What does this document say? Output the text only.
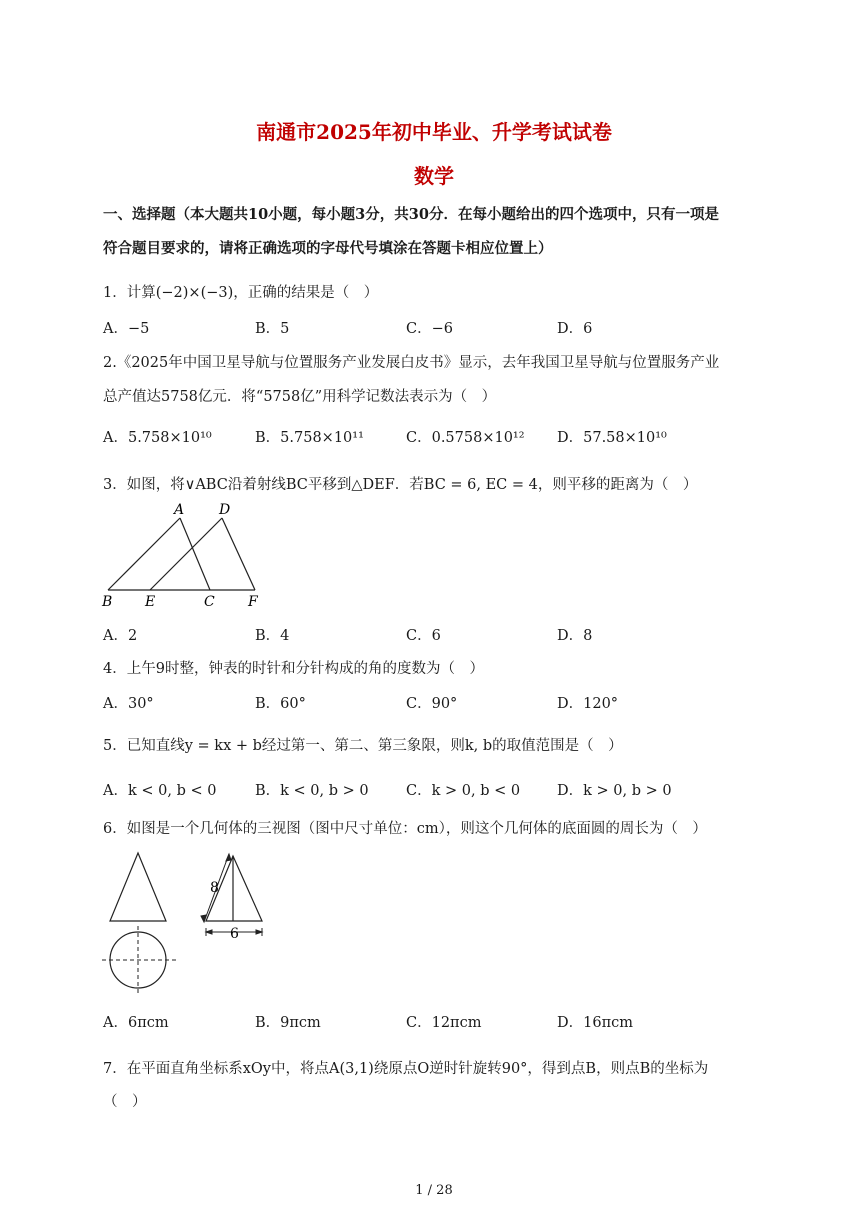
南通市2025年初中毕业、升学考试试卷
数学
一、选择题（本大题共10小题，每小题3分，共30分．在每小题给出的四个选项中，只有一项是
符合题目要求的，请将正确选项的字母代号填涂在答题卡相应位置上）
1．计算(−2)×(−3)，正确的结果是（　）
A．−5	B．5	C．−6	D．6
2.《2025年中国卫星导航与位置服务产业发展白皮书》显示，去年我国卫星导航与位置服务产业
总产值达5758亿元．将“5758亿”用科学记数法表示为（　）
A．5.758×10¹⁰	B．5.758×10¹¹	C．0.5758×10¹² D．57.58×10¹⁰
3．如图，将∨ABC沿着射线BC平移到△DEF．若BC = 6, EC = 4，则平移的距离为（　）
A D
B E	C F
A．2	B．4	C．6	D．8
4．上午9时整，钟表的时针和分针构成的角的度数为（　）
A．30°	B．60°	C．90°	D．120°
5．已知直线y = kx + b经过第一、第二、第三象限，则k, b的取值范围是（　）
A．k < 0, b < 0	B．k < 0, b > 0	C．k > 0, b < 0	D．k > 0, b > 0
6．如图是一个几何体的三视图（图中尺寸单位：cm），则这个几何体的底面圆的周长为（　）
8
6
A．6πcm	B．9πcm	C．12πcm	D．16πcm
7．在平面直角坐标系xOy中，将点A(3,1)绕原点O逆时针旋转90°，得到点B，则点B的坐标为
（　）
1 / 28
